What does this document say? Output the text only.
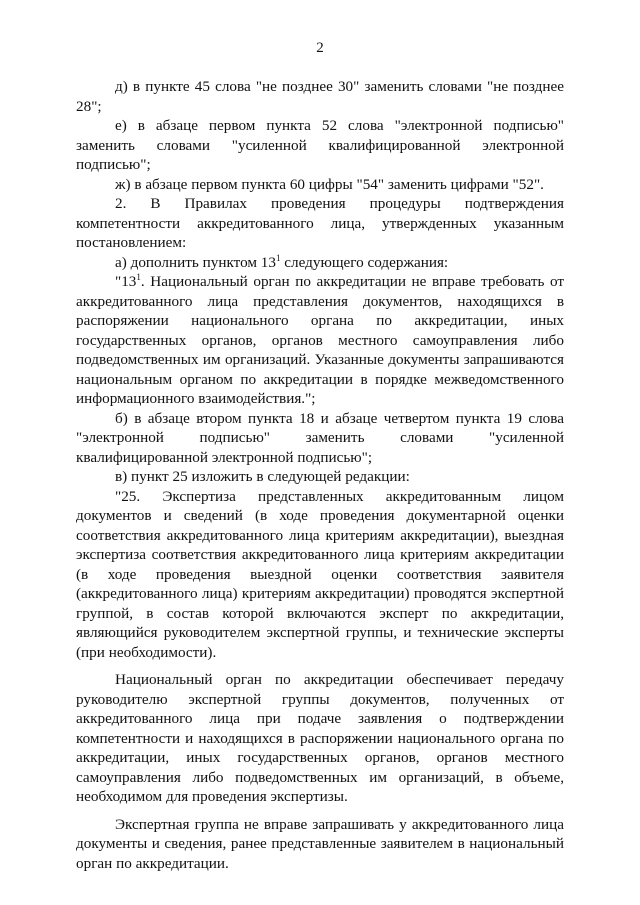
2

д) в пункте 45 слова "не позднее 30" заменить словами "не позднее 28";

е) в абзаце первом пункта 52 слова "электронной подписью" заменить словами "усиленной квалифицированной электронной подписью";

ж) в абзаце первом пункта 60 цифры "54" заменить цифрами "52".

2. В Правилах проведения процедуры подтверждения компетентности аккредитованного лица, утвержденных указанным постановлением:

а) дополнить пунктом $13^1$ следующего содержания:

"$13^1$. Национальный орган по аккредитации не вправе требовать от аккредитованного лица представления документов, находящихся в распоряжении национального органа по аккредитации, иных государственных органов, органов местного самоуправления либо подведомственных им организаций. Указанные документы запрашиваются национальным органом по аккредитации в порядке межведомственного информационного взаимодействия.";

б) в абзаце втором пункта 18 и абзаце четвертом пункта 19 слова "электронной подписью" заменить словами "усиленной квалифицированной электронной подписью";

в) пункт 25 изложить в следующей редакции:

"25. Экспертиза представленных аккредитованным лицом документов и сведений (в ходе проведения документарной оценки соответствия аккредитованного лица критериям аккредитации), выездная экспертиза соответствия аккредитованного лица критериям аккредитации (в ходе проведения выездной оценки соответствия заявителя (аккредитованного лица) критериям аккредитации) проводятся экспертной группой, в состав которой включаются эксперт по аккредитации, являющийся руководителем экспертной группы, и технические эксперты (при необходимости).

Национальный орган по аккредитации обеспечивает передачу руководителю экспертной группы документов, полученных от аккредитованного лица при подаче заявления о подтверждении компетентности и находящихся в распоряжении национального органа по аккредитации, иных государственных органов, органов местного самоуправления либо подведомственных им организаций, в объеме, необходимом для проведения экспертизы.

Экспертная группа не вправе запрашивать у аккредитованного лица документы и сведения, ранее представленные заявителем в национальный орган по аккредитации.
